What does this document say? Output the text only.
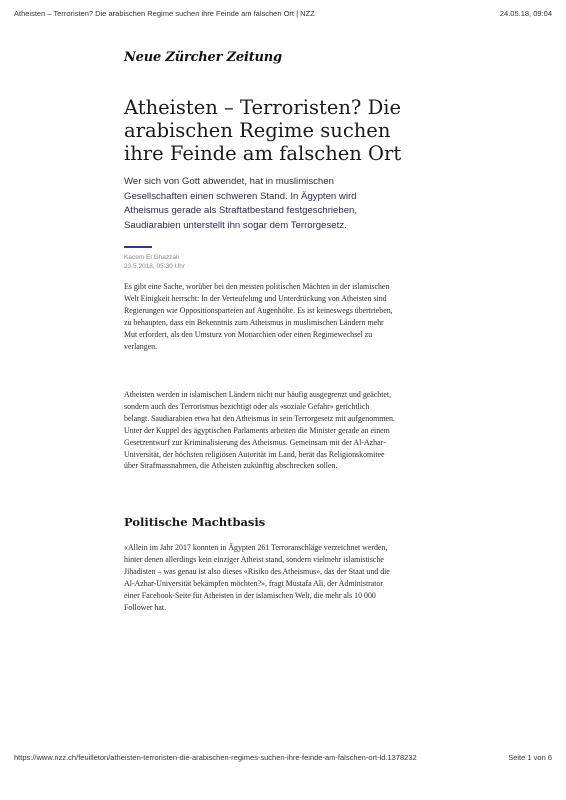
Atheisten – Terroristen? Die arabischen Regime suchen ihre Feinde am falschen Ort | NZZ	24.05.18, 09:04
Neue Zürcher Zeitung
Atheisten – Terroristen? Die arabischen Regime suchen ihre Feinde am falschen Ort

Wer sich von Gott abwendet, hat in muslimischen Gesellschaften einen schweren Stand. In Ägypten wird Atheismus gerade als Straftatbestand festgeschrieben, Saudiarabien unterstellt ihn sogar dem Terrorgesetz.

Kacem El Ghazzali
23.5.2018, 05:30 Uhr

Es gibt eine Sache, worüber bei den meisten politischen Mächten in der islamischen Welt Einigkeit herrscht: In der Verteufelung und Unterdrückung von Atheisten sind Regierungen wie Oppositionsparteien auf Augenhöhe. Es ist keineswegs übertrieben, zu behaupten, dass ein Bekenntnis zum Atheismus in muslimischen Ländern mehr Mut erfordert, als den Umsturz von Monarchien oder einen Regimewechsel zu verlangen.

Atheisten werden in islamischen Ländern nicht nur häufig ausgegrenzt und geächtet, sondern auch des Terrorismus bezichtigt oder als «soziale Gefahr» gerichtlich belangt. Saudiarabien etwa hat den Atheismus in sein Terrorgesetz mit aufgenommen. Unter der Kuppel des ägyptischen Parlaments arbeiten die Minister gerade an einem Gesetzentwurf zur Kriminalisierung des Atheismus. Gemeinsam mit der Al-Azhar-Universität, der höchsten religiösen Autorität im Land, berät das Religionskomitee über Strafmassnahmen, die Atheisten zukünftig abschrecken sollen.

Politische Machtbasis

«Allein im Jahr 2017 konnten in Ägypten 261 Terroranschläge verzeichnet werden, hinter denen allerdings kein einziger Atheist stand, sondern vielmehr islamistische Jihadisten – was genau ist also dieses «Risiko des Atheismus», das der Staat und die Al-Azhar-Universität bekämpfen möchten?», fragt Mustafa Ali, der Administrator einer Facebook-Seite für Atheisten in der islamischen Welt, die mehr als 10 000 Follower hat.

https://www.nzz.ch/feuilleton/atheisten-terroristen-die-arabischen-regimes-suchen-ihre-feinde-am-falschen-ort-ld.1378232	Seite 1 von 6
